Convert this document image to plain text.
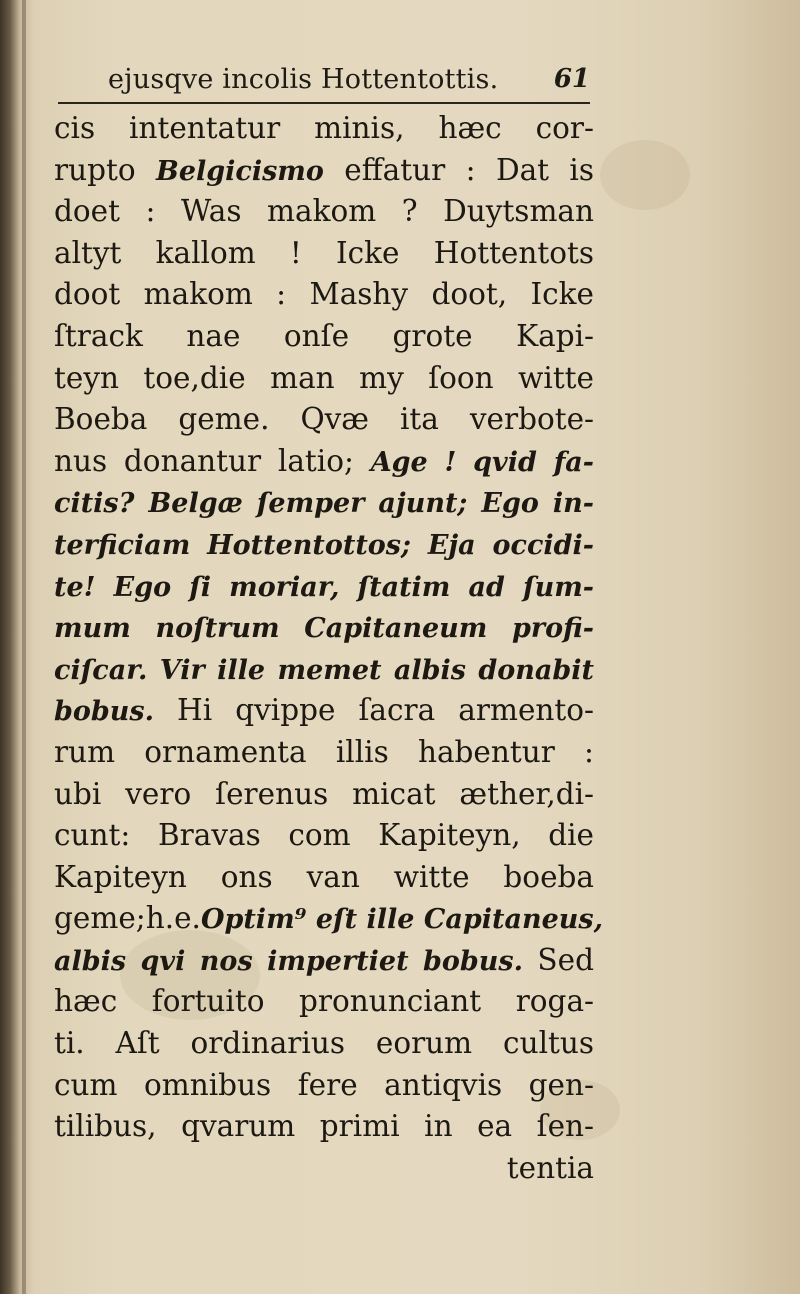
ejusqve incolis Hottentottis. 61
cis intentatur minis, hæc cor-
rupto Belgicismo effatur : Dat is
doet : Was makom ? Duytsman
altyt kallom ! Icke Hottentots
doot makom : Mashy doot, Icke
ſtrack nae onſe grote Kapi-
teyn toe,die man my ſoon witte
Boeba geme. Qvæ ita verbote-
nus donantur latio; Age ! qvid fa-
citis? Belgæ ſemper ajunt; Ego in-
terficiam Hottentottos; Eja occidi-
te! Ego ſi moriar, ſtatim ad ſum-
mum noſtrum Capitaneum profi-
ciſcar. Vir ille memet albis donabit
bobus. Hi qvippe ſacra armento-
rum ornamenta illis habentur :
ubi vero ſerenus micat æther,di-
cunt: Bravas com Kapiteyn, die
Kapiteyn ons van witte boeba
geme;h.e.Optim⁹ eſt ille Capitaneus,
albis qvi nos impertiet bobus. Sed
hæc fortuito pronunciant roga-
ti. Aſt ordinarius eorum cultus
cum omnibus fere antiqvis gen-
tilibus, qvarum primi in ea ſen-
tentia
